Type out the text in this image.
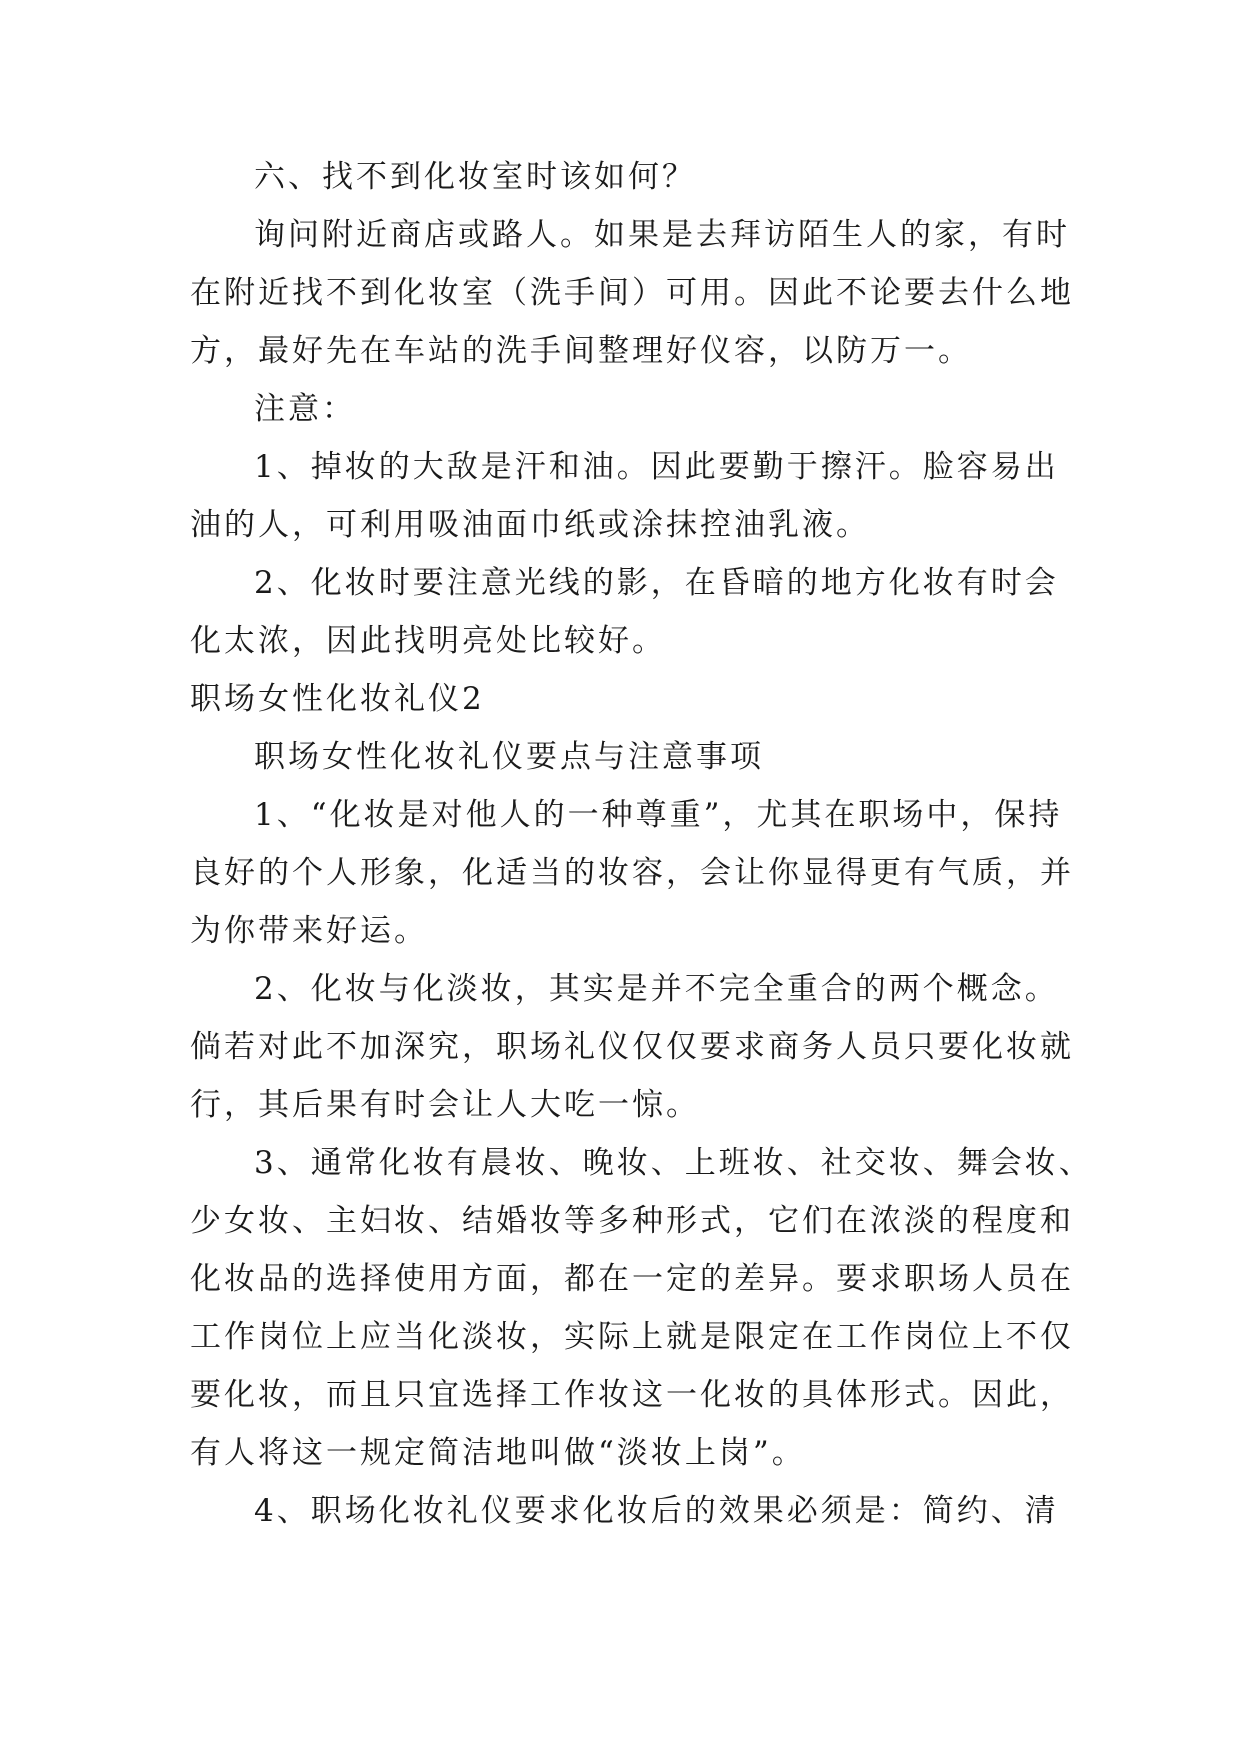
六、找不到化妆室时该如何？

询问附近商店或路人。如果是去拜访陌生人的家，有时

在附近找不到化妆室（洗手间）可用。因此不论要去什么地

方，最好先在车站的洗手间整理好仪容，以防万一。

注意：

1、掉妆的大敌是汗和油。因此要勤于擦汗。脸容易出

油的人，可利用吸油面巾纸或涂抹控油乳液。

2、化妆时要注意光线的影，在昏暗的地方化妆有时会

化太浓，因此找明亮处比较好。

职场女性化妆礼仪2

职场女性化妆礼仪要点与注意事项

1、“化妆是对他人的一种尊重”，尤其在职场中，保持

良好的个人形象，化适当的妆容，会让你显得更有气质，并

为你带来好运。

2、化妆与化淡妆，其实是并不完全重合的两个概念。

倘若对此不加深究，职场礼仪仅仅要求商务人员只要化妆就

行，其后果有时会让人大吃一惊。

3、通常化妆有晨妆、晚妆、上班妆、社交妆、舞会妆、

少女妆、主妇妆、结婚妆等多种形式，它们在浓淡的程度和

化妆品的选择使用方面，都在一定的差异。要求职场人员在

工作岗位上应当化淡妆，实际上就是限定在工作岗位上不仅

要化妆，而且只宜选择工作妆这一化妆的具体形式。因此，

有人将这一规定简洁地叫做“淡妆上岗”。

4、职场化妆礼仪要求化妆后的效果必须是：简约、清
